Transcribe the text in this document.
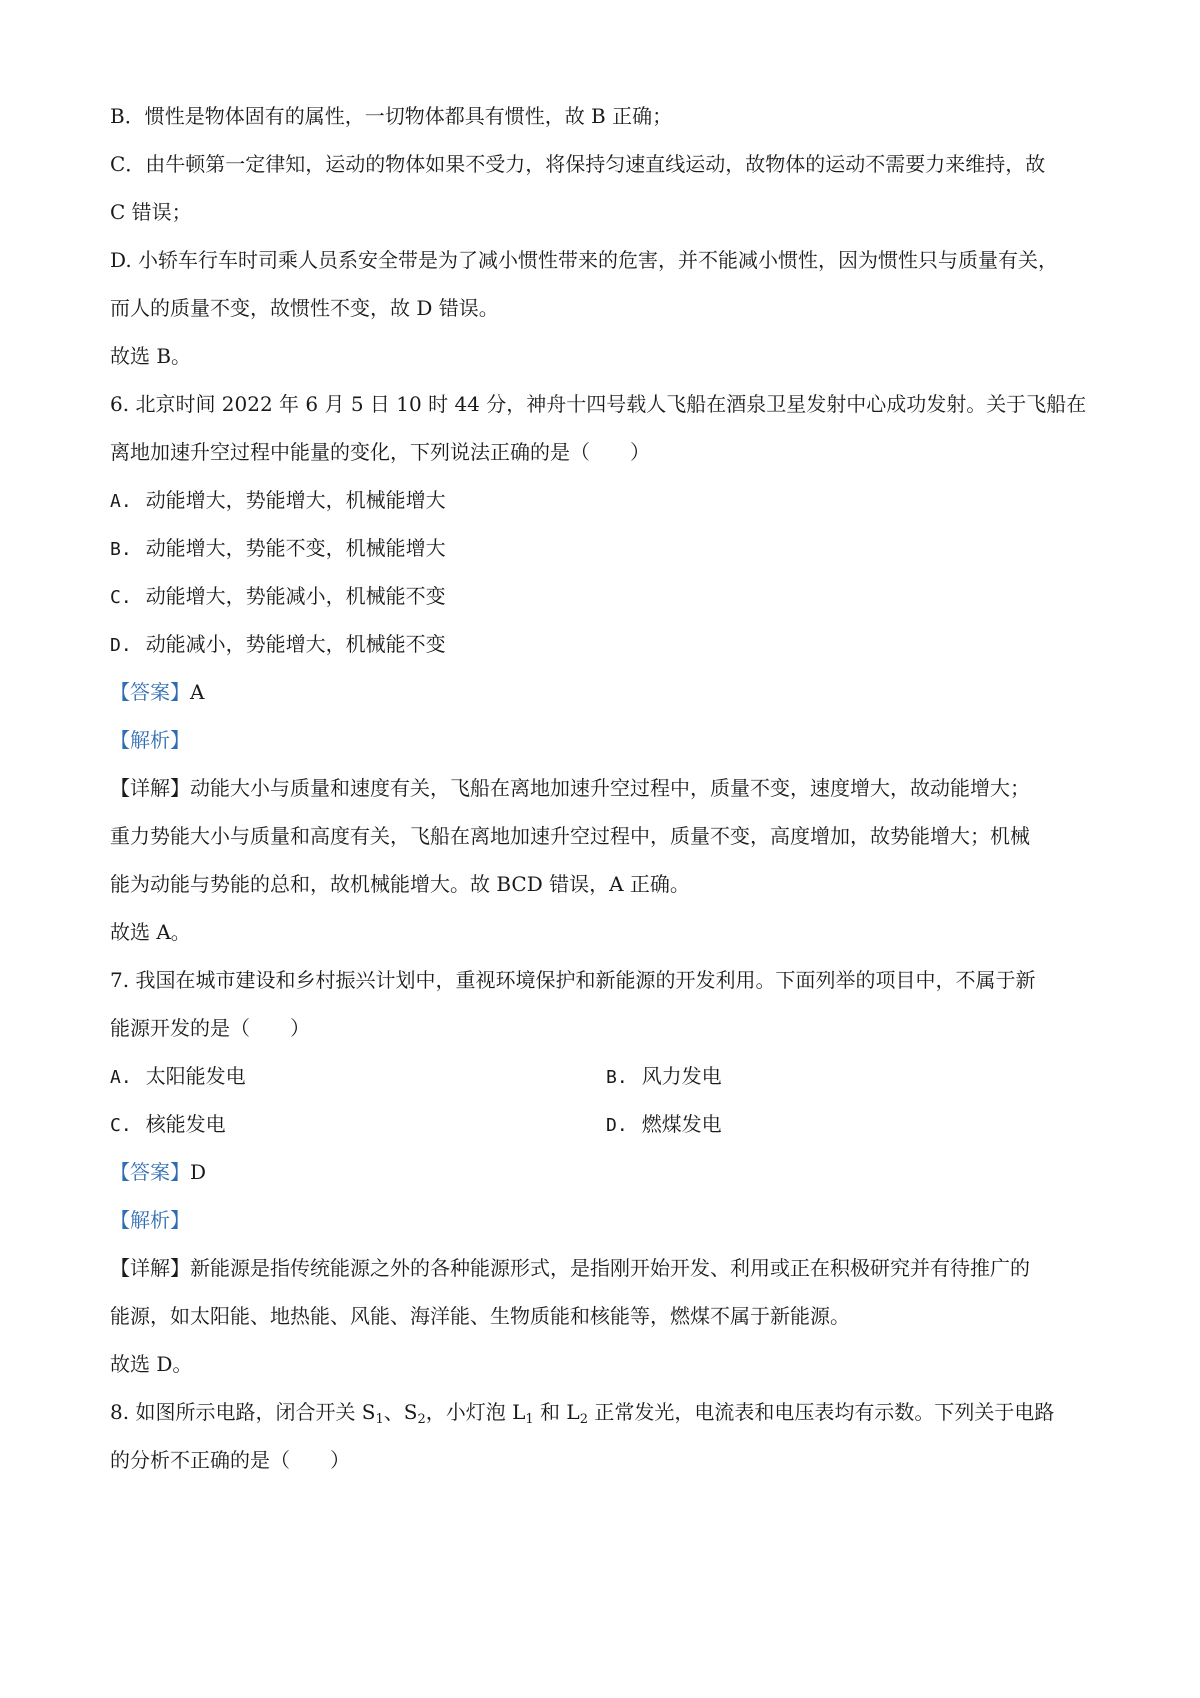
B．惯性是物体固有的属性，一切物体都具有惯性，故 B 正确；
C．由牛顿第一定律知，运动的物体如果不受力，将保持匀速直线运动，故物体的运动不需要力来维持，故
C 错误；
D. 小轿车行车时司乘人员系安全带是为了减小惯性带来的危害，并不能减小惯性，因为惯性只与质量有关，
而人的质量不变，故惯性不变，故 D 错误。
故选 B。
6. 北京时间 2022 年 6 月 5 日 10 时 44 分，神舟十四号载人飞船在酒泉卫星发射中心成功发射。关于飞船在
离地加速升空过程中能量的变化，下列说法正确的是（　　）
A. 动能增大，势能增大，机械能增大
B. 动能增大，势能不变，机械能增大
C. 动能增大，势能减小，机械能不变
D. 动能减小，势能增大，机械能不变
【答案】A
【解析】
【详解】动能大小与质量和速度有关，飞船在离地加速升空过程中，质量不变，速度增大，故动能增大；
重力势能大小与质量和高度有关，飞船在离地加速升空过程中，质量不变，高度增加，故势能增大；机械
能为动能与势能的总和，故机械能增大。故 BCD 错误，A 正确。
故选 A。
7. 我国在城市建设和乡村振兴计划中，重视环境保护和新能源的开发利用。下面列举的项目中，不属于新
能源开发的是（　　）
A. 太阳能发电	B. 风力发电
C. 核能发电	D. 燃煤发电
【答案】D
【解析】
【详解】新能源是指传统能源之外的各种能源形式，是指刚开始开发、利用或正在积极研究并有待推广的
能源，如太阳能、地热能、风能、海洋能、生物质能和核能等，燃煤不属于新能源。
故选 D。
8. 如图所示电路，闭合开关 $S_1$、$S_2$，小灯泡 $L_1$ 和 $L_2$ 正常发光，电流表和电压表均有示数。下列关于电路
的分析不正确的是（　　）
